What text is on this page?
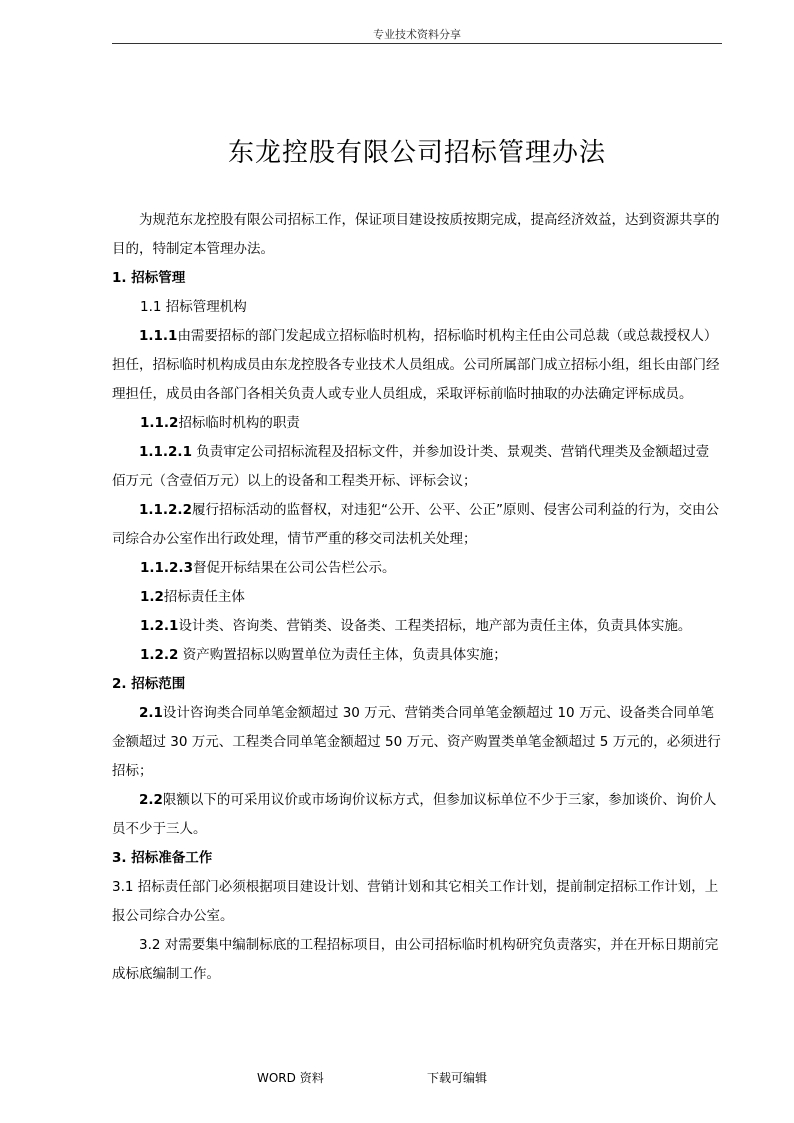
专业技术资料分享
东龙控股有限公司招标管理办法

为规范东龙控股有限公司招标工作，保证项目建设按质按期完成，提高经济效益，达到资源共享的目的，特制定本管理办法。

1. 招标管理

1.1 招标管理机构

1.1.1由需要招标的部门发起成立招标临时机构，招标临时机构主任由公司总裁（或总裁授权人）担任，招标临时机构成员由东龙控股各专业技术人员组成。公司所属部门成立招标小组，组长由部门经理担任，成员由各部门各相关负责人或专业人员组成，采取评标前临时抽取的办法确定评标成员。

1.1.2招标临时机构的职责

1.1.2.1 负责审定公司招标流程及招标文件，并参加设计类、景观类、营销代理类及金额超过壹佰万元（含壹佰万元）以上的设备和工程类开标、评标会议；

1.1.2.2履行招标活动的监督权，对违犯“公开、公平、公正”原则、侵害公司利益的行为，交由公司综合办公室作出行政处理，情节严重的移交司法机关处理；

1.1.2.3督促开标结果在公司公告栏公示。

1.2招标责任主体

1.2.1设计类、咨询类、营销类、设备类、工程类招标，地产部为责任主体，负责具体实施。

1.2.2 资产购置招标以购置单位为责任主体，负责具体实施；

2. 招标范围

2.1设计咨询类合同单笔金额超过 30 万元、营销类合同单笔金额超过 10 万元、设备类合同单笔金额超过 30 万元、工程类合同单笔金额超过 50 万元、资产购置类单笔金额超过 5 万元的，必须进行招标；

2.2限额以下的可采用议价或市场询价议标方式，但参加议标单位不少于三家，参加谈价、询价人员不少于三人。

3. 招标准备工作

3.1 招标责任部门必须根据项目建设计划、营销计划和其它相关工作计划，提前制定招标工作计划，上报公司综合办公室。

3.2 对需要集中编制标底的工程招标项目，由公司招标临时机构研究负责落实，并在开标日期前完成标底编制工作。

WORD 资料	下载可编辑
